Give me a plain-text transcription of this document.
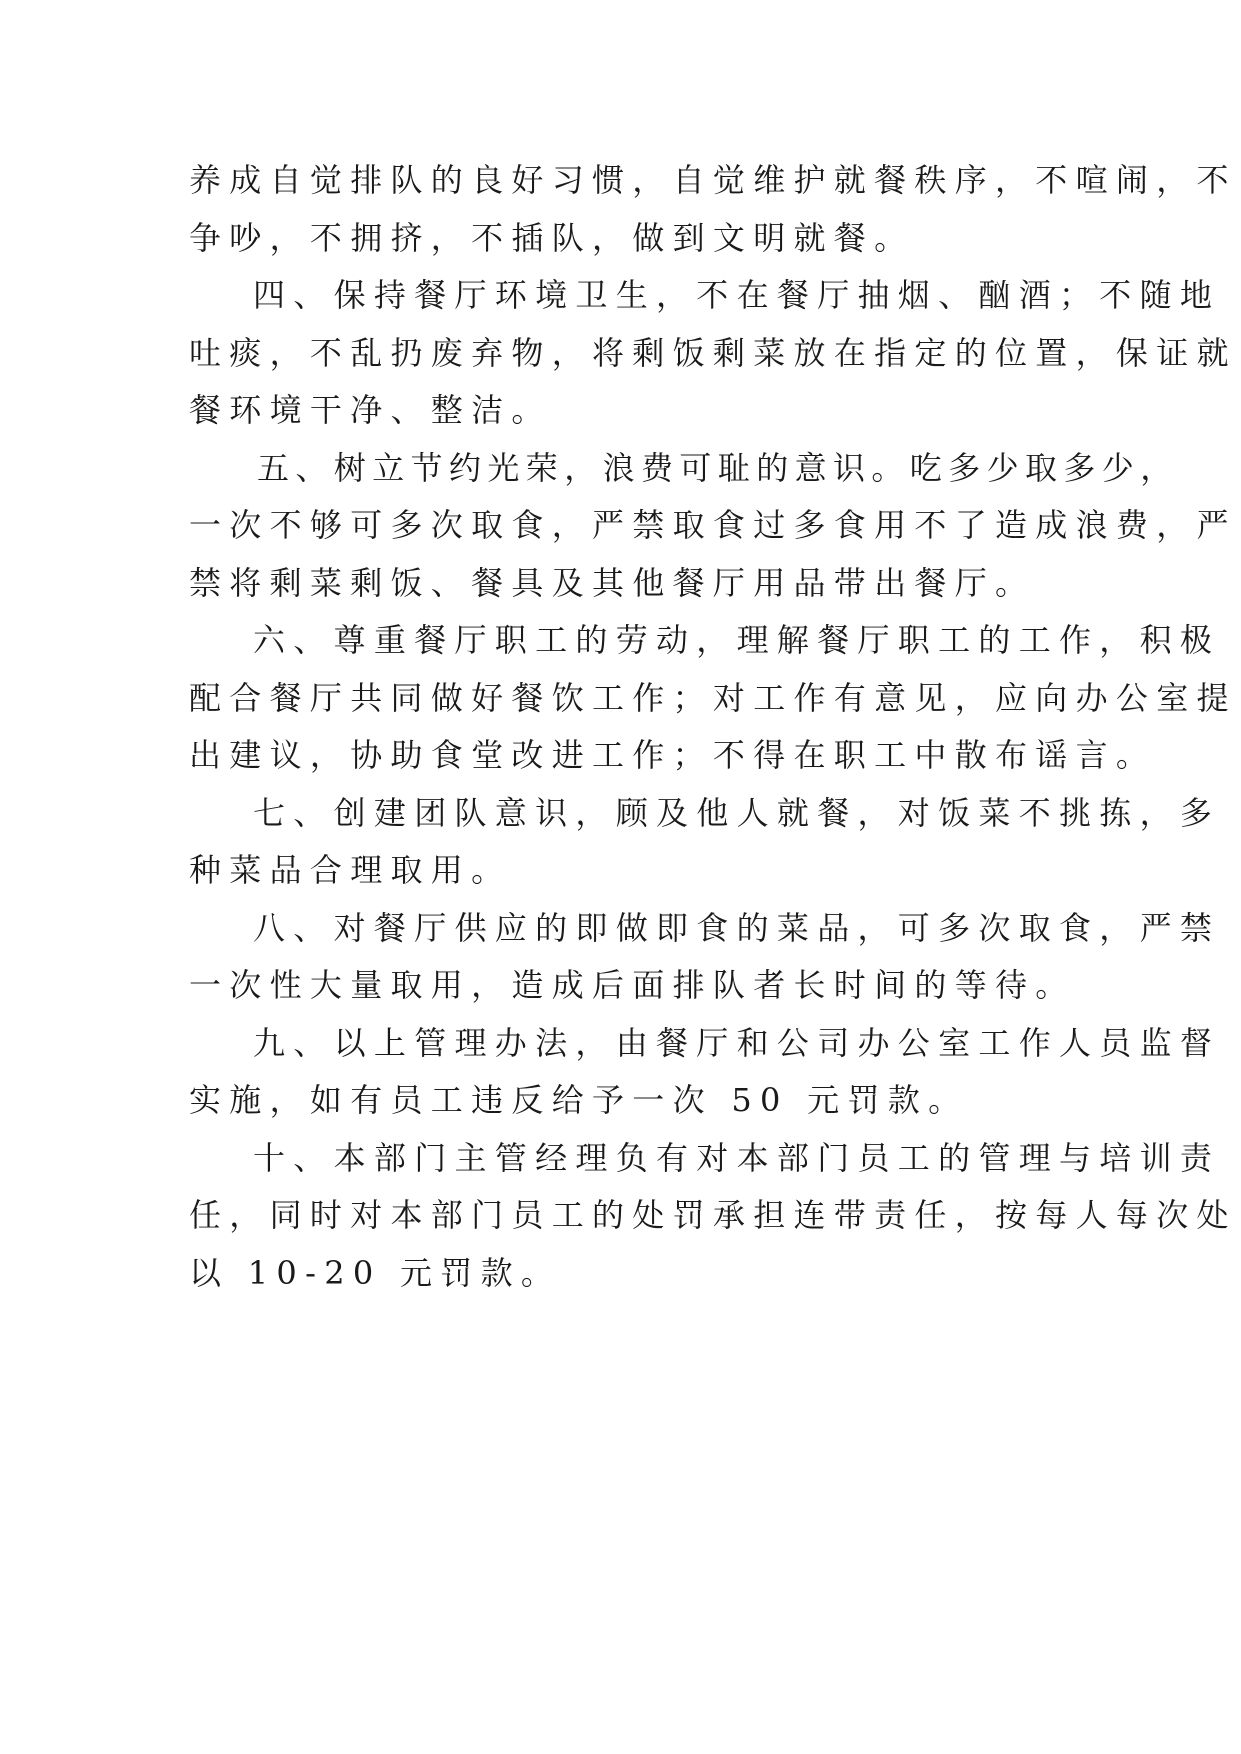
养成自觉排队的良好习惯，自觉维护就餐秩序，不喧闹，不
争吵，不拥挤，不插队，做到文明就餐。
四、保持餐厅环境卫生，不在餐厅抽烟、酗酒；不随地
吐痰，不乱扔废弃物，将剩饭剩菜放在指定的位置，保证就
餐环境干净、整洁。
五、树立节约光荣，浪费可耻的意识。吃多少取多少，
一次不够可多次取食，严禁取食过多食用不了造成浪费，严
禁将剩菜剩饭、餐具及其他餐厅用品带出餐厅。
六、尊重餐厅职工的劳动，理解餐厅职工的工作，积极
配合餐厅共同做好餐饮工作；对工作有意见，应向办公室提
出建议，协助食堂改进工作；不得在职工中散布谣言。
七、创建团队意识，顾及他人就餐，对饭菜不挑拣，多
种菜品合理取用。
八、对餐厅供应的即做即食的菜品，可多次取食，严禁
一次性大量取用，造成后面排队者长时间的等待。
九、以上管理办法，由餐厅和公司办公室工作人员监督
实施，如有员工违反给予一次 50 元罚款。
十、本部门主管经理负有对本部门员工的管理与培训责
任，同时对本部门员工的处罚承担连带责任，按每人每次处
以 10-20 元罚款。
